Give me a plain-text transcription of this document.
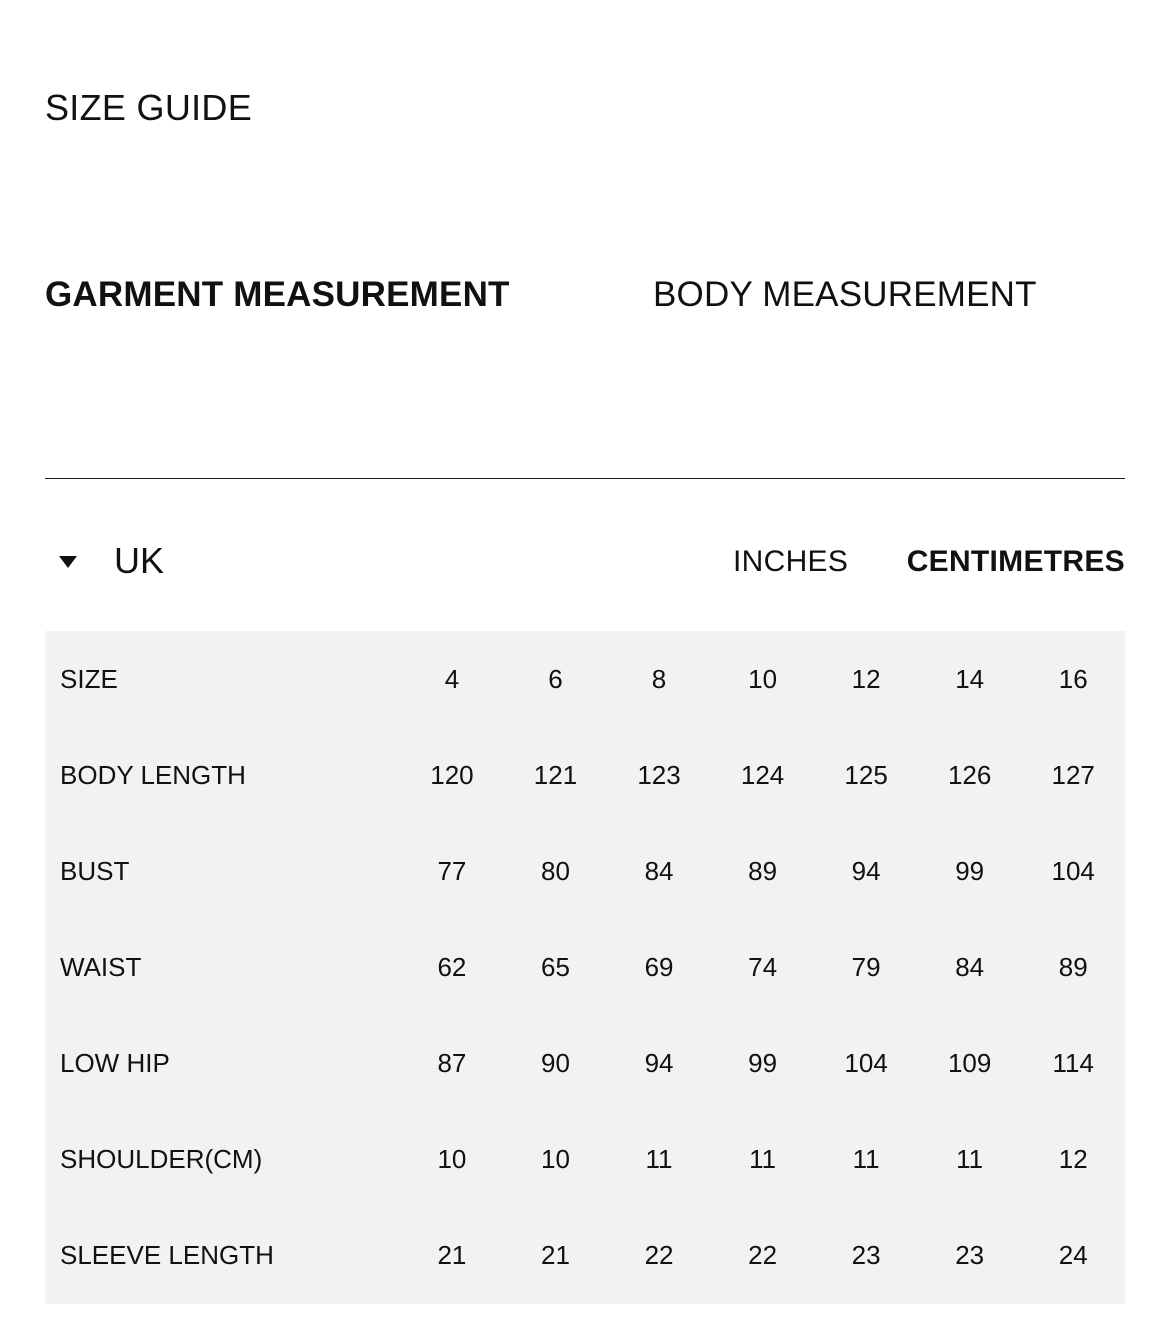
SIZE GUIDE
GARMENT MEASUREMENT	BODY MEASUREMENT
UK	INCHES CENTIMETRES
SIZE	4	6	8	10	12	14	16
BODY LENGTH	120	121	123	124	125	126	127
BUST	77	80	84	89	94	99	104
WAIST	62	65	69	74	79	84	89
LOW HIP	87	90	94	99	104	109	114
SHOULDER(CM)	10	10	11	11	11	11	12
SLEEVE LENGTH	21	21	22	22	23	23	24
